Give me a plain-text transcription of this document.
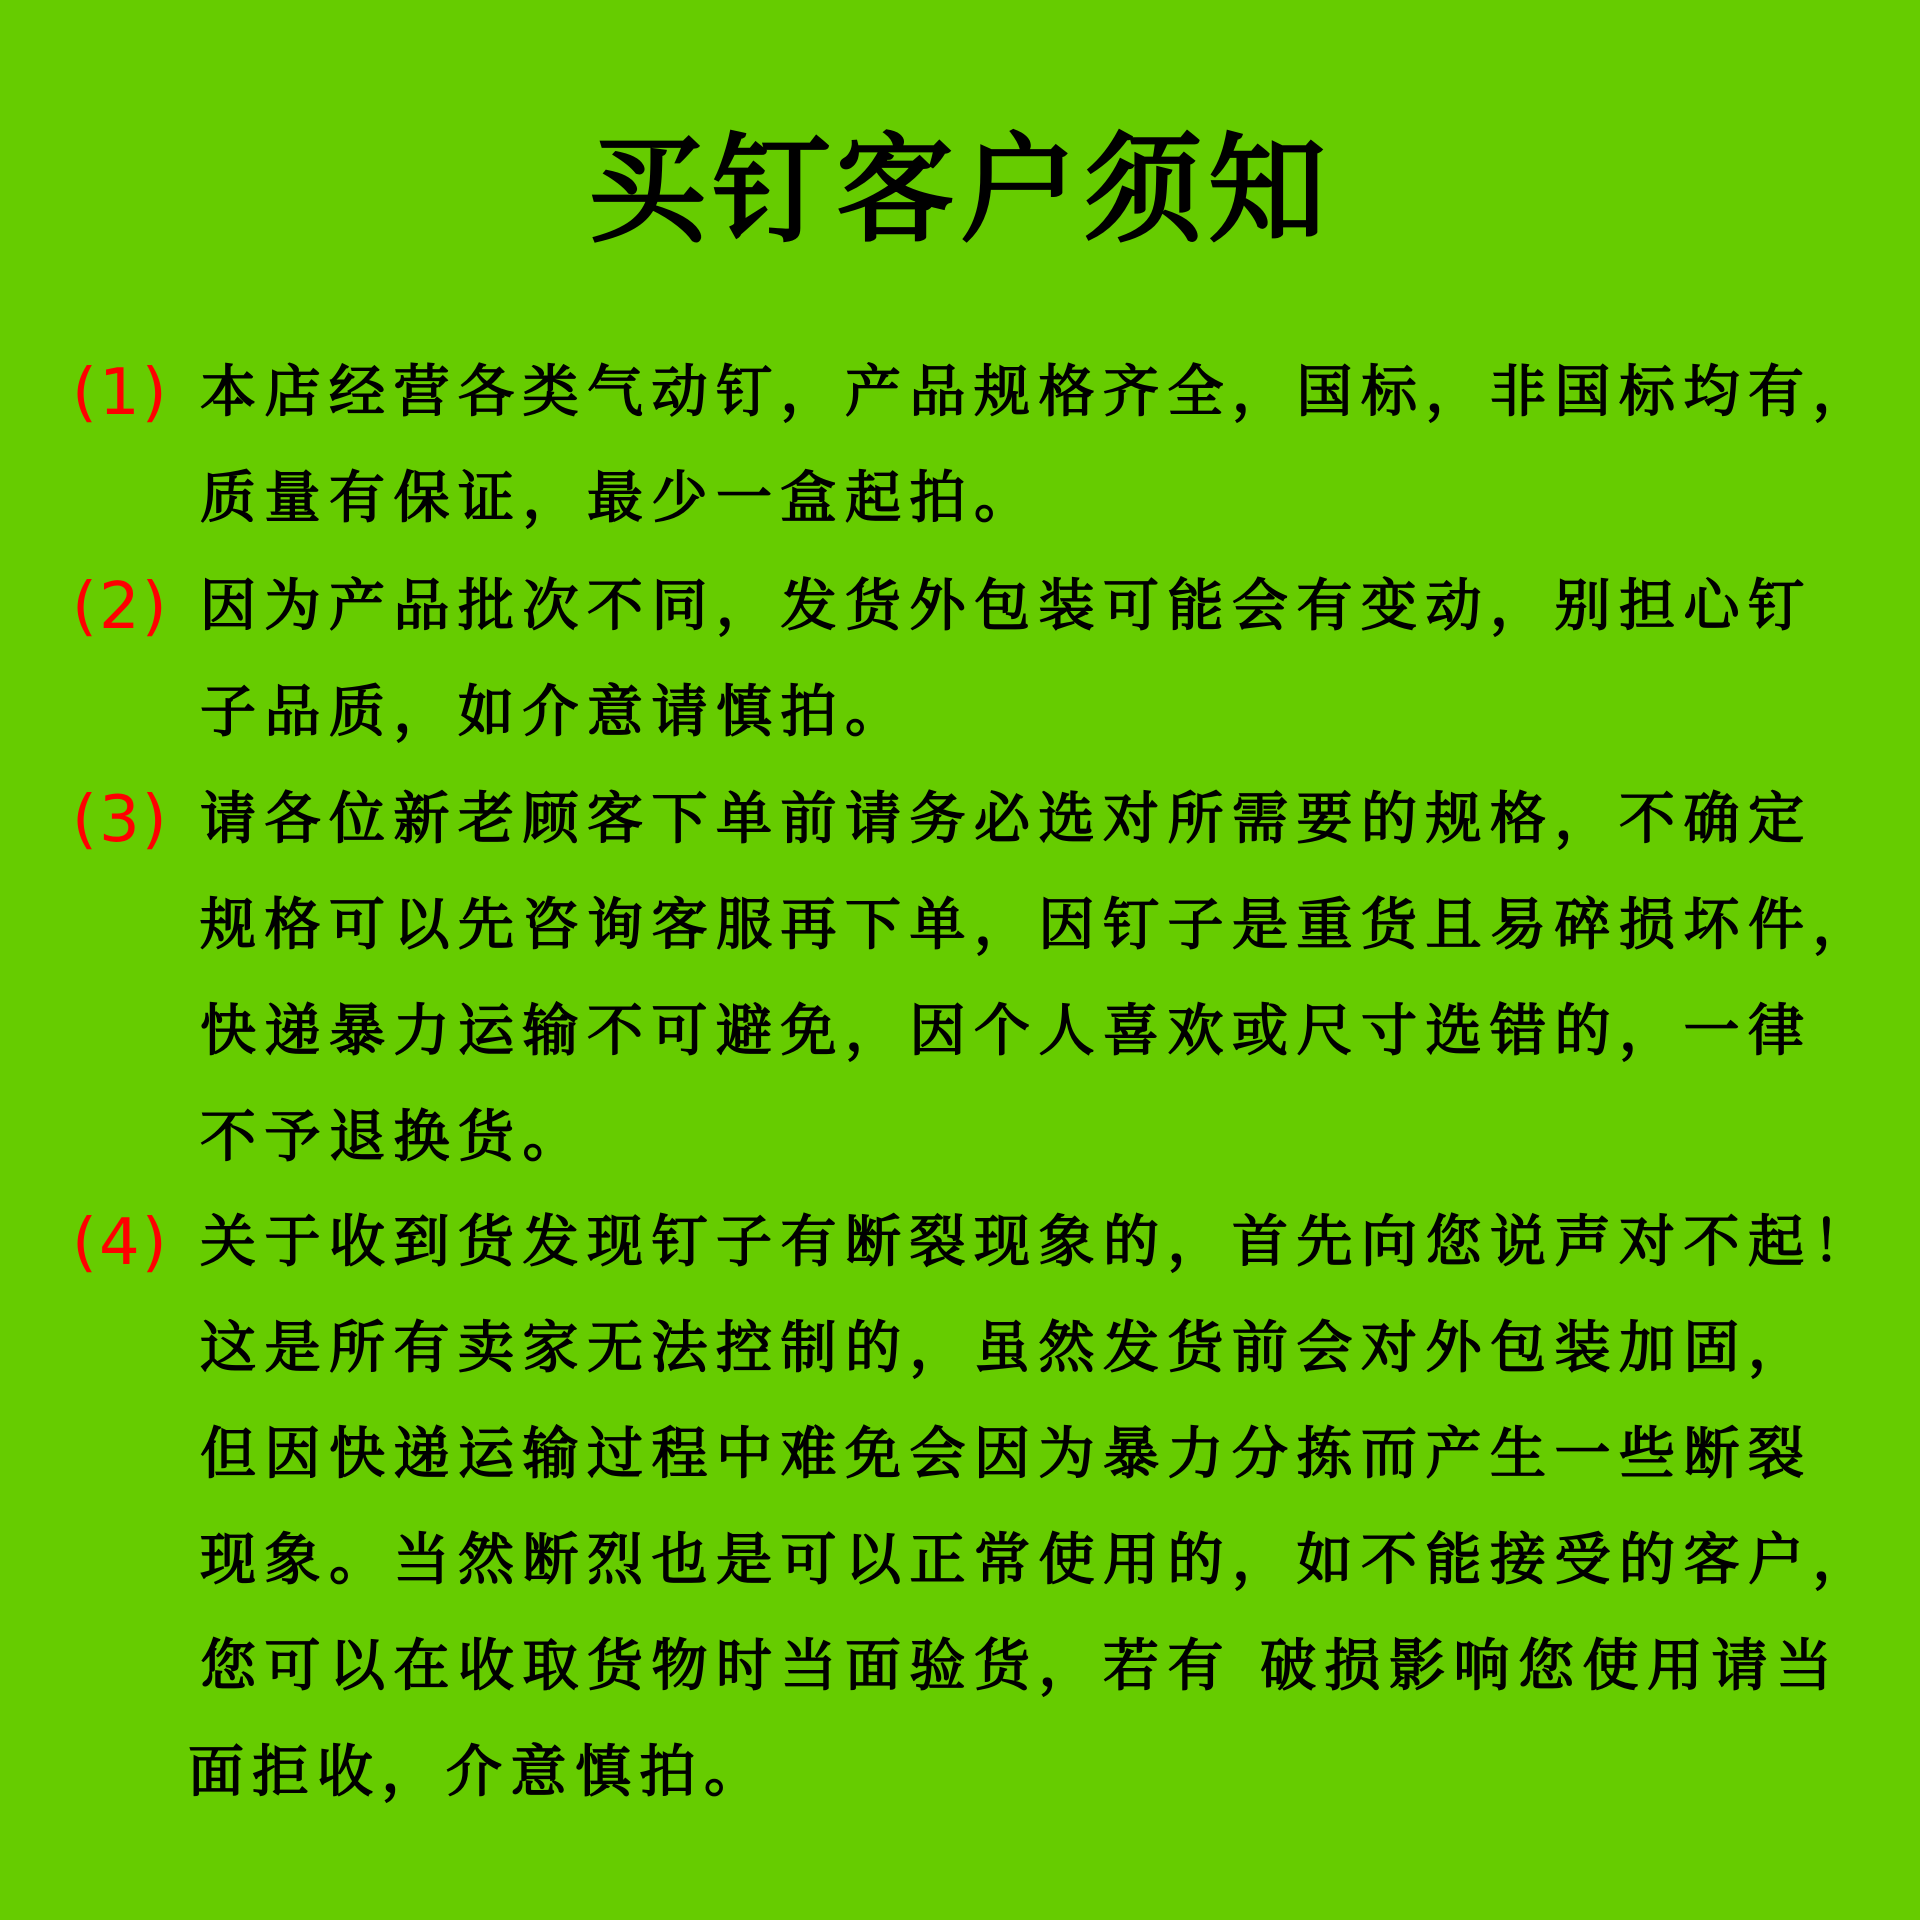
买钉客户须知
(1) 本店经营各类气动钉，产品规格齐全，国标，非国标均有，
质量有保证，最少一盒起拍。
(2) 因为产品批次不同，发货外包装可能会有变动，别担心钉
子品质，如介意请慎拍。
(3) 请各位新老顾客下单前请务必选对所需要的规格，不确定
规格可以先咨询客服再下单，因钉子是重货且易碎损坏件，
快递暴力运输不可避免，因个人喜欢或尺寸选错的，一律
不予退换货。
(4) 关于收到货发现钉子有断裂现象的，首先向您说声对不起！
这是所有卖家无法控制的，虽然发货前会对外包装加固，
但因快递运输过程中难免会因为暴力分拣而产生一些断裂
现象。当然断烈也是可以正常使用的，如不能接受的客户，
您可以在收取货物时当面验货，若有 破损影响您使用请当
面拒收，介意慎拍。
